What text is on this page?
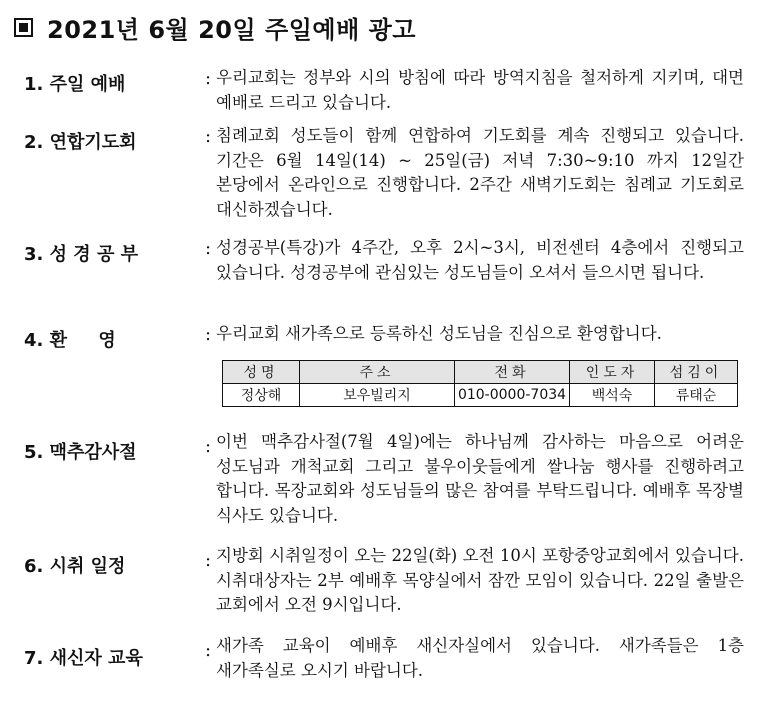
2021년 6월 20일 주일예배 광고
1. 주일 예배	: 우리교회는 정부와 시의 방침에 따라 방역지침을 철저하게 지키며, 대면 예배로 드리고 있습니다.
2. 연합기도회	: 침례교회 성도들이 함께 연합하여 기도회를 계속 진행되고 있습니다. 기간은 6월 14일(14) ~ 25일(금) 저녁 7:30~9:10 까지 12일간 본당에서 온라인으로 진행합니다. 2주간 새벽기도회는 침례교 기도회로 대신하겠습니다.
3. 성 경 공 부	: 성경공부(특강)가 4주간, 오후 2시~3시, 비전센터 4층에서 진행되고 있습니다. 성경공부에 관심있는 성도님들이 오셔서 들으시면 됩니다.
4. 환     영	: 우리교회 새가족으로 등록하신 성도님을 진심으로 환영합니다.
성명	주소	전화	인도자	섬김이
정상해	보우빌리지	010-0000-7034	백석숙	류태순
5. 맥추감사절	: 이번 맥추감사절(7월 4일)에는 하나님께 감사하는 마음으로 어려운 성도님과 개척교회 그리고 불우이웃들에게 쌀나눔 행사를 진행하려고 합니다. 목장교회와 성도님들의 많은 참여를 부탁드립니다. 예배후 목장별 식사도 있습니다.
6. 시취 일정	: 지방회 시취일정이 오는 22일(화) 오전 10시 포항중앙교회에서 있습니다. 시취대상자는 2부 예배후 목양실에서 잠깐 모임이 있습니다. 22일 출발은 교회에서 오전 9시입니다.
7. 새신자 교육	: 새가족 교육이 예배후 새신자실에서 있습니다. 새가족들은 1층 새가족실로 오시기 바랍니다.
